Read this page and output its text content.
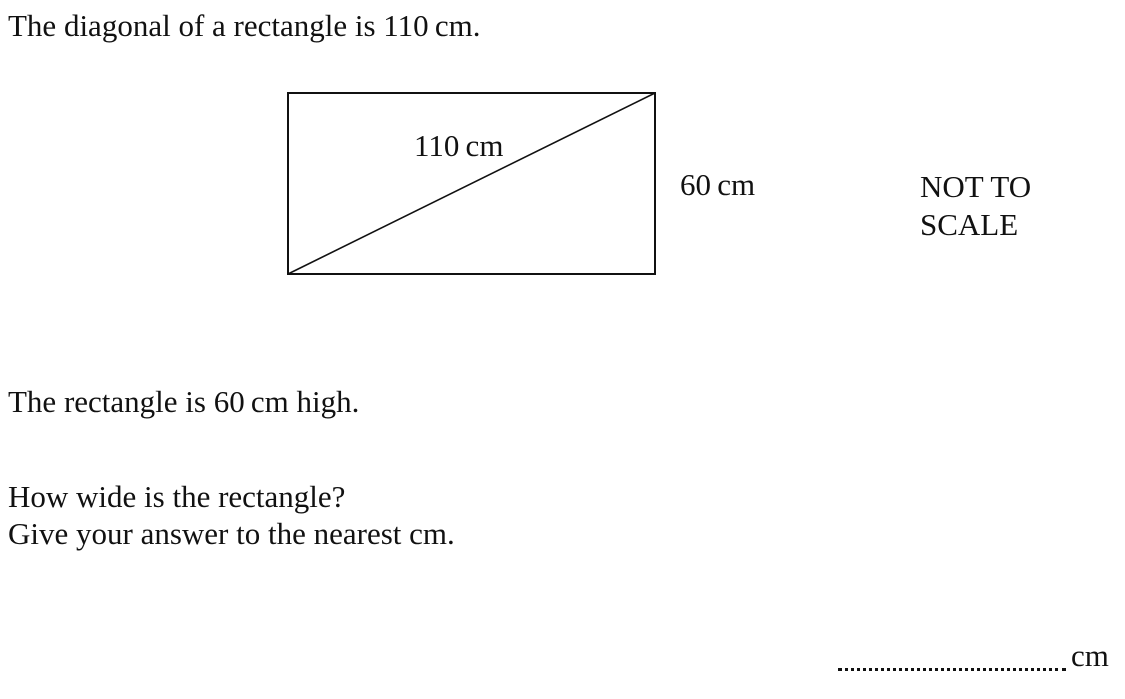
The diagonal of a rectangle is 110 cm.
110 cm
60 cm	NOT TO
SCALE
The rectangle is 60 cm high.
How wide is the rectangle?
Give your answer to the nearest cm.
cm
